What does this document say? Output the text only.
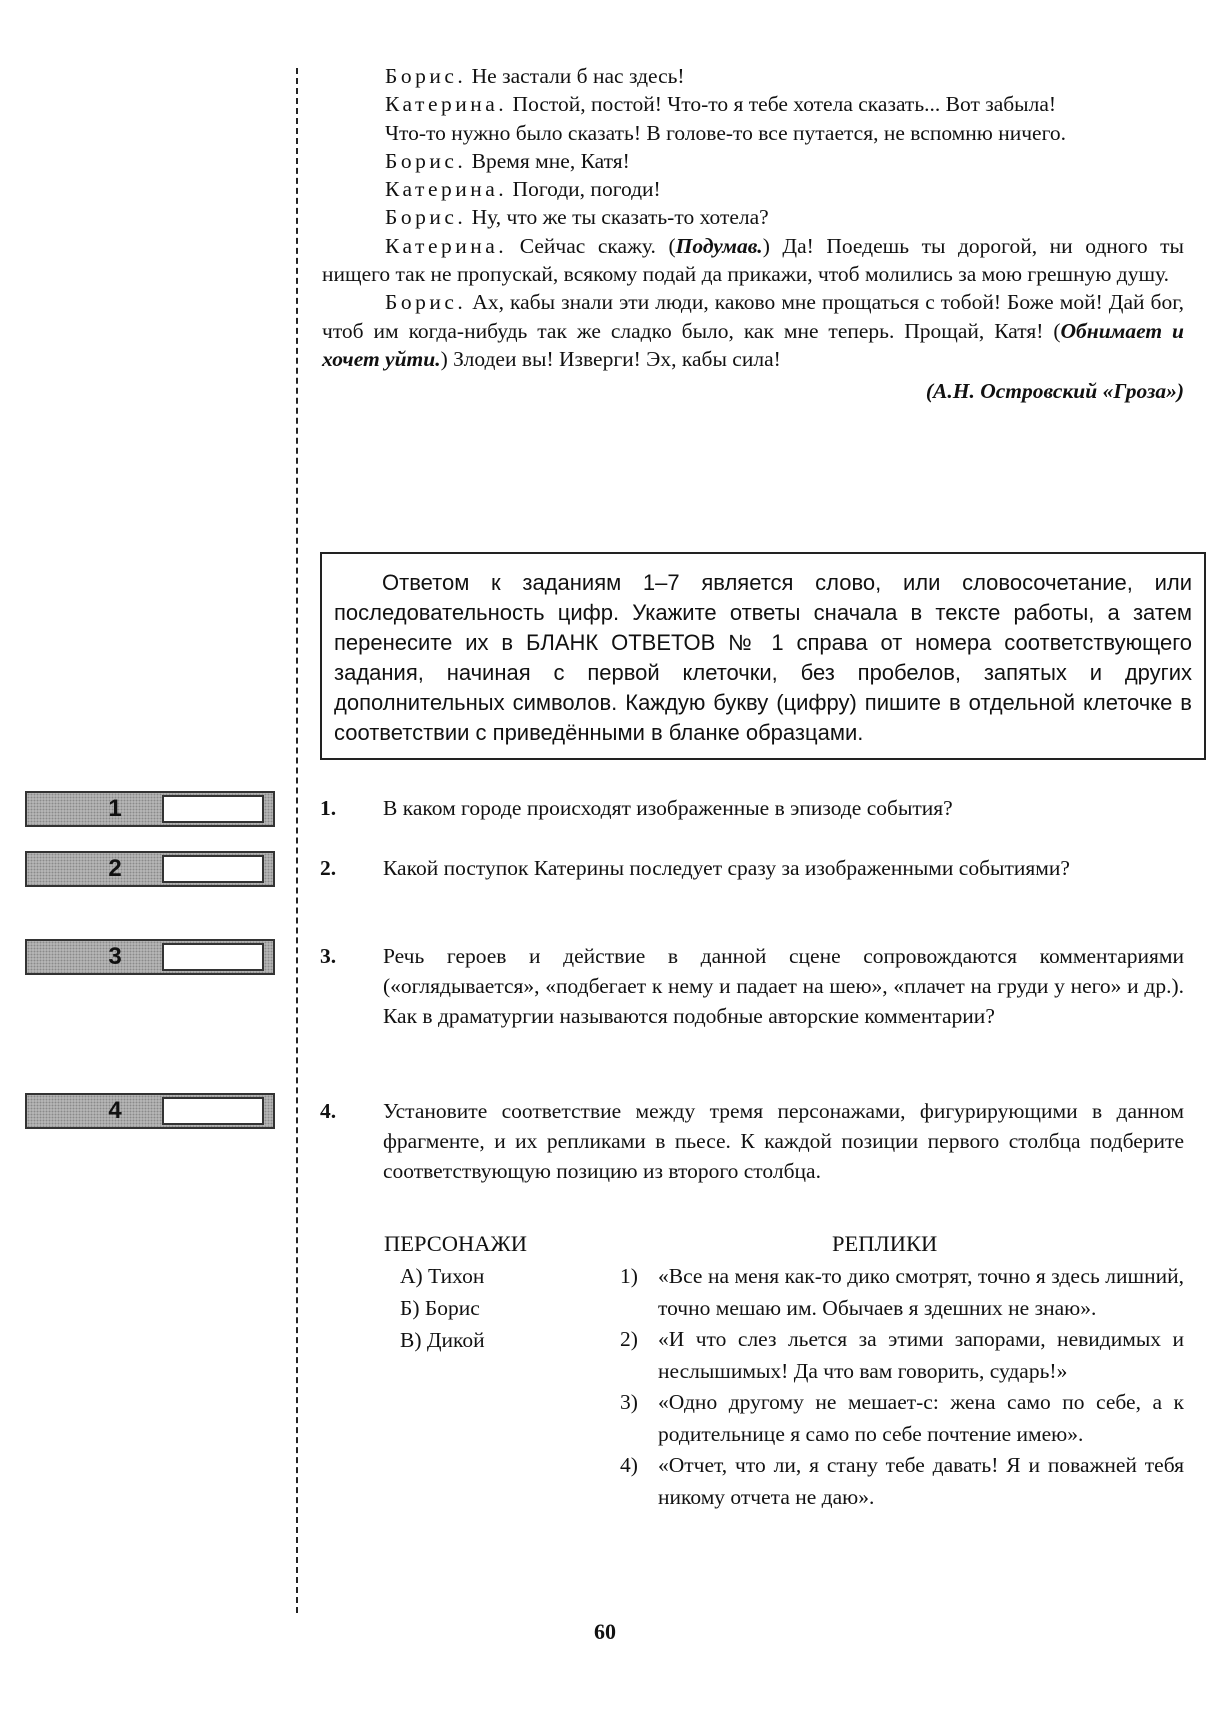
Борис. Не застали б нас здесь!

Катерина. Постой, постой! Что-то я тебе хотела сказать... Вот забыла!

Что-то нужно было сказать! В голове-то все путается, не вспомню ничего.

Борис. Время мне, Катя!

Катерина. Погоди, погоди!

Борис. Ну, что же ты сказать-то хотела?

Катерина. Сейчас скажу. (Подумав.) Да! Поедешь ты дорогой, ни одного ты нищего так не пропускай, всякому подай да прикажи, чтоб молились за мою грешную душу.

Борис. Ах, кабы знали эти люди, каково мне прощаться с тобой! Боже мой! Дай бог, чтоб им когда-нибудь так же сладко было, как мне теперь. Прощай, Катя! (Обнимает и хочет уйти.) Злодеи вы! Изверги! Эх, кабы сила!

(А.Н. Островский «Гроза»)
Ответом к заданиям 1–7 является слово, или словосочетание, или последовательность цифр. Укажите ответы сначала в тексте работы, а затем перенесите их в БЛАНК ОТВЕТОВ № 1 справа от номера соответствующего задания, начиная с первой клеточки, без пробелов, запятых и других дополнительных символов. Каждую букву (цифру) пишите в отдельной клеточке в соответствии с приведёнными в бланке образцами.
1
2
3
4
1. В каком городе происходят изображенные в эпизоде события?
2. Какой поступок Катерины последует сразу за изображенными событиями?
3. Речь героев и действие в данной сцене сопровождаются комментариями («оглядывается», «подбегает к нему и падает на шею», «плачет на груди у него» и др.). Как в драматургии называются подобные авторские комментарии?
4. Установите соответствие между тремя персонажами, фигурирующими в данном фрагменте, и их репликами в пьесе. К каждой позиции первого столбца подберите соответствующую позицию из второго столбца.
ПЕРСОНАЖИ	РЕПЛИКИ
А) Тихон
Б) Борис
В) Дикой
1) «Все на меня как-то дико смотрят, точно я здесь лишний, точно мешаю им. Обычаев я здешних не знаю».
2) «И что слез льется за этими запорами, невидимых и неслышимых! Да что вам говорить, сударь!»
3) «Одно другому не мешает-с: жена само по себе, а к родительнице я само по себе почтение имею».
4) «Отчет, что ли, я стану тебе давать! Я и поважней тебя никому отчета не даю».
60
